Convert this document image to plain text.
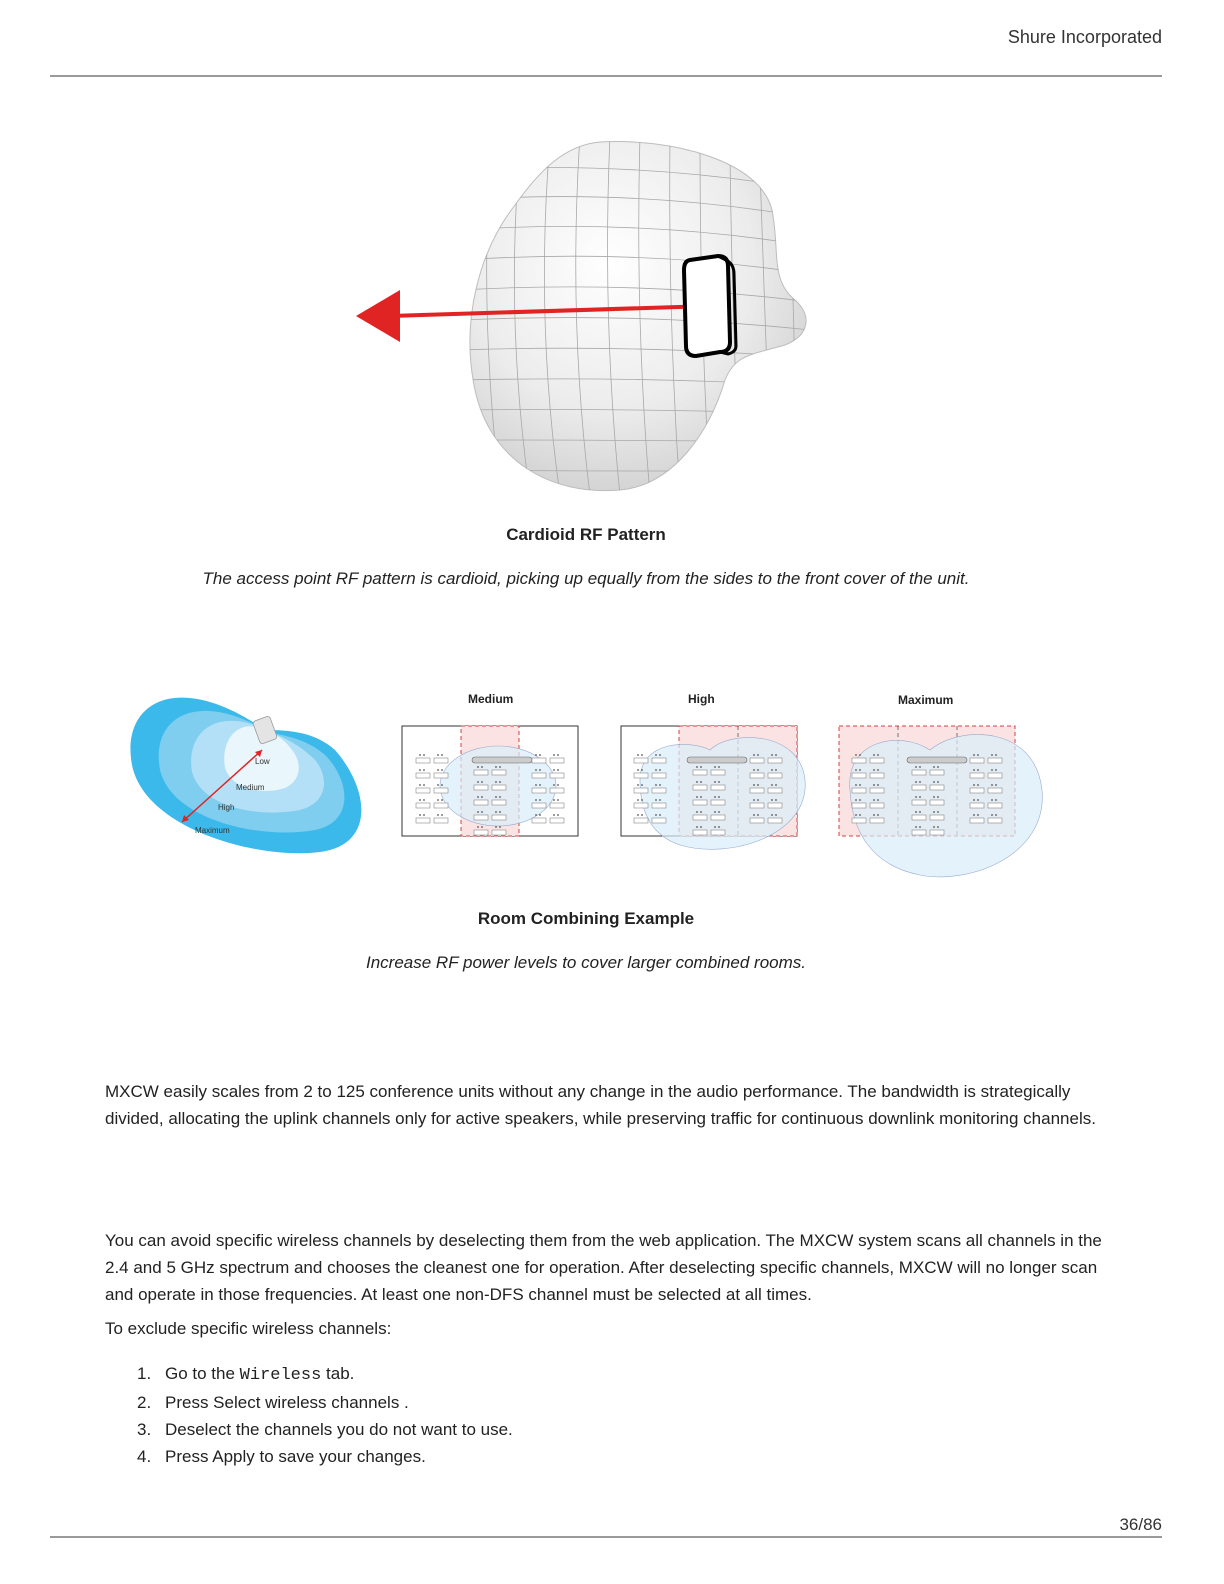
Shure Incorporated
Cardioid RF Pattern
The access point RF pattern is cardioid, picking up equally from the sides to the front cover of the unit.
Low
Medium
High
Maximum
Medium	High	Maximum
Room Combining Example
Increase RF power levels to cover larger combined rooms.

MXCW easily scales from 2 to 125 conference units without any change in the audio performance. The bandwidth is strategically divided, allocating the uplink channels only for active speakers, while preserving traffic for continuous downlink monitoring channels.

You can avoid specific wireless channels by deselecting them from the web application. The MXCW system scans all channels in the 2.4 and 5 GHz spectrum and chooses the cleanest one for operation. After deselecting specific channels, MXCW will no longer scan and operate in those frequencies. At least one non-DFS channel must be selected at all times.

To exclude specific wireless channels:

1. Go to the Wireless tab.
2. Press Select wireless channels .
3. Deselect the channels you do not want to use.
4. Press Apply to save your changes.
36/86
